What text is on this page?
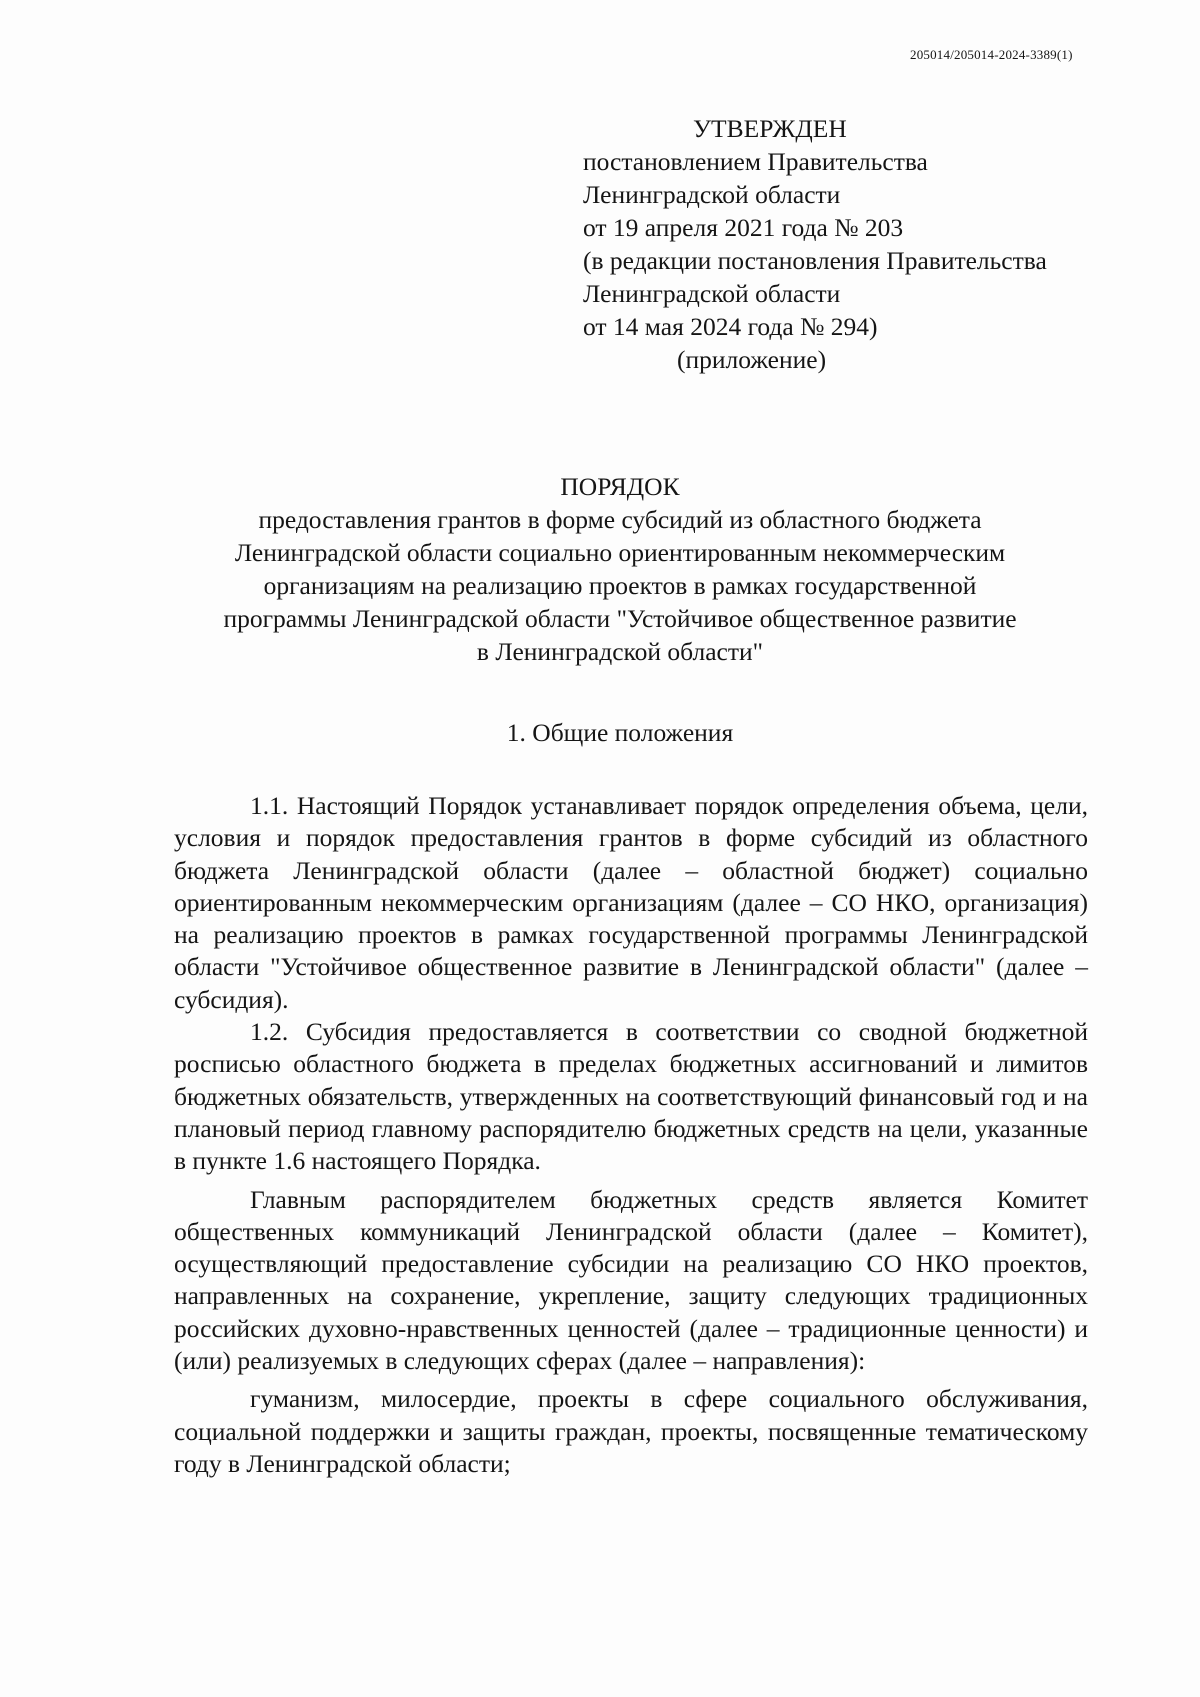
205014/205014-2024-3389(1)
УТВЕРЖДЕН
постановлением Правительства
Ленинградской области
от 19 апреля 2021 года № 203
(в редакции постановления Правительства
Ленинградской области
от 14 мая 2024 года № 294)
(приложение)
ПОРЯДОК
предоставления грантов в форме субсидий из областного бюджета
Ленинградской области социально ориентированным некоммерческим
организациям на реализацию проектов в рамках государственной
программы Ленинградской области "Устойчивое общественное развитие
в Ленинградской области"
1. Общие положения

1.1. Настоящий Порядок устанавливает порядок определения объема, цели, условия и порядок предоставления грантов в форме субсидий из областного бюджета Ленинградской области (далее – областной бюджет) социально ориентированным некоммерческим организациям (далее – СО НКО, организация) на реализацию проектов в рамках государственной программы Ленинградской области "Устойчивое общественное развитие в Ленинградской области" (далее – субсидия).

1.2. Субсидия предоставляется в соответствии со сводной бюджетной росписью областного бюджета в пределах бюджетных ассигнований и лимитов бюджетных обязательств, утвержденных на соответствующий финансовый год и на плановый период главному распорядителю бюджетных средств на цели, указанные в пункте 1.6 настоящего Порядка.

Главным распорядителем бюджетных средств является Комитет общественных коммуникаций Ленинградской области (далее – Комитет), осуществляющий предоставление субсидии на реализацию СО НКО проектов, направленных на сохранение, укрепление, защиту следующих традиционных российских духовно-нравственных ценностей (далее – традиционные ценности) и (или) реализуемых в следующих сферах (далее – направления):

гуманизм, милосердие, проекты в сфере социального обслуживания, социальной поддержки и защиты граждан, проекты, посвященные тематическому году в Ленинградской области;
